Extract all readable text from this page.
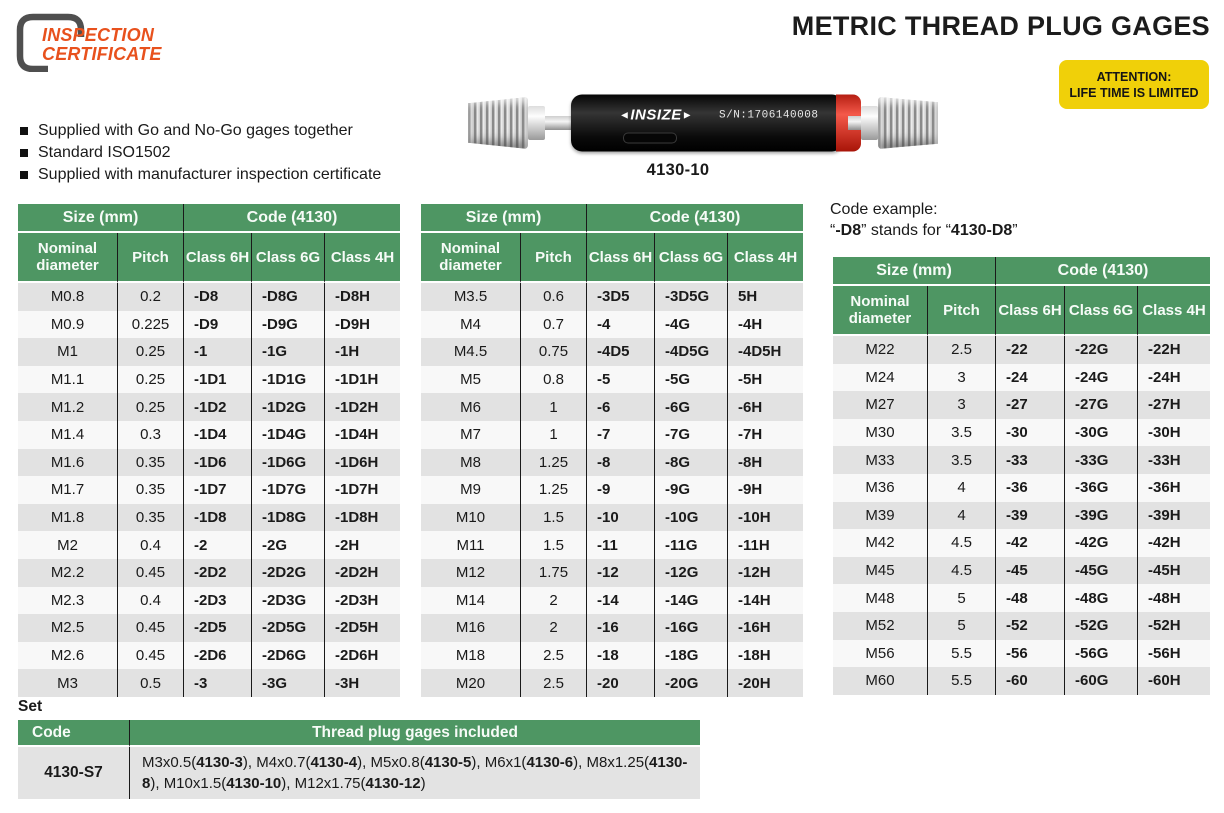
INSPECTION
CERTIFICATE
METRIC THREAD PLUG GAGES
ATTENTION:
LIFE TIME IS LIMITED
Supplied with Go and No-Go gages together
Standard ISO1502
Supplied with manufacturer inspection certificate
◄INSIZE► S/N:1706140008
4130-10
Size (mm)		Code (4130)		
Nominal diameter	Pitch	Class 6H	Class 6G	Class 4H
M0.8	0.2	-D8	-D8G	-D8H
M0.9	0.225	-D9	-D9G	-D9H
M1	0.25	-1	-1G	-1H
M1.1	0.25	-1D1	-1D1G	-1D1H
M1.2	0.25	-1D2	-1D2G	-1D2H
M1.4	0.3	-1D4	-1D4G	-1D4H
M1.6	0.35	-1D6	-1D6G	-1D6H
M1.7	0.35	-1D7	-1D7G	-1D7H
M1.8	0.35	-1D8	-1D8G	-1D8H
M2	0.4	-2	-2G	-2H
M2.2	0.45	-2D2	-2D2G	-2D2H
M2.3	0.4	-2D3	-2D3G	-2D3H
M2.5	0.45	-2D5	-2D5G	-2D5H
M2.6	0.45	-2D6	-2D6G	-2D6H
M3	0.5	-3	-3G	-3H
Size (mm)		Code (4130)		
Nominal diameter	Pitch	Class 6H	Class 6G	Class 4H
M3.5	0.6	-3D5	-3D5G	5H
M4	0.7	-4	-4G	-4H
M4.5	0.75	-4D5	-4D5G	-4D5H
M5	0.8	-5	-5G	-5H
M6	1	-6	-6G	-6H
M7	1	-7	-7G	-7H
M8	1.25	-8	-8G	-8H
M9	1.25	-9	-9G	-9H
M10	1.5	-10	-10G	-10H
M11	1.5	-11	-11G	-11H
M12	1.75	-12	-12G	-12H
M14	2	-14	-14G	-14H
M16	2	-16	-16G	-16H
M18	2.5	-18	-18G	-18H
M20	2.5	-20	-20G	-20H
Code example:
“-D8” stands for “4130-D8”
Size (mm)		Code (4130)		
Nominal diameter	Pitch	Class 6H	Class 6G	Class 4H
M22	2.5	-22	-22G	-22H
M24	3	-24	-24G	-24H
M27	3	-27	-27G	-27H
M30	3.5	-30	-30G	-30H
M33	3.5	-33	-33G	-33H
M36	4	-36	-36G	-36H
M39	4	-39	-39G	-39H
M42	4.5	-42	-42G	-42H
M45	4.5	-45	-45G	-45H
M48	5	-48	-48G	-48H
M52	5	-52	-52G	-52H
M56	5.5	-56	-56G	-56H
M60	5.5	-60	-60G	-60H
Set
Code	Thread plug gages included
4130-S7	M3x0.5(4130-3), M4x0.7(4130-4), M5x0.8(4130-5), M6x1(4130-6), M8x1.25(4130-8), M10x1.5(4130-10), M12x1.75(4130-12)
